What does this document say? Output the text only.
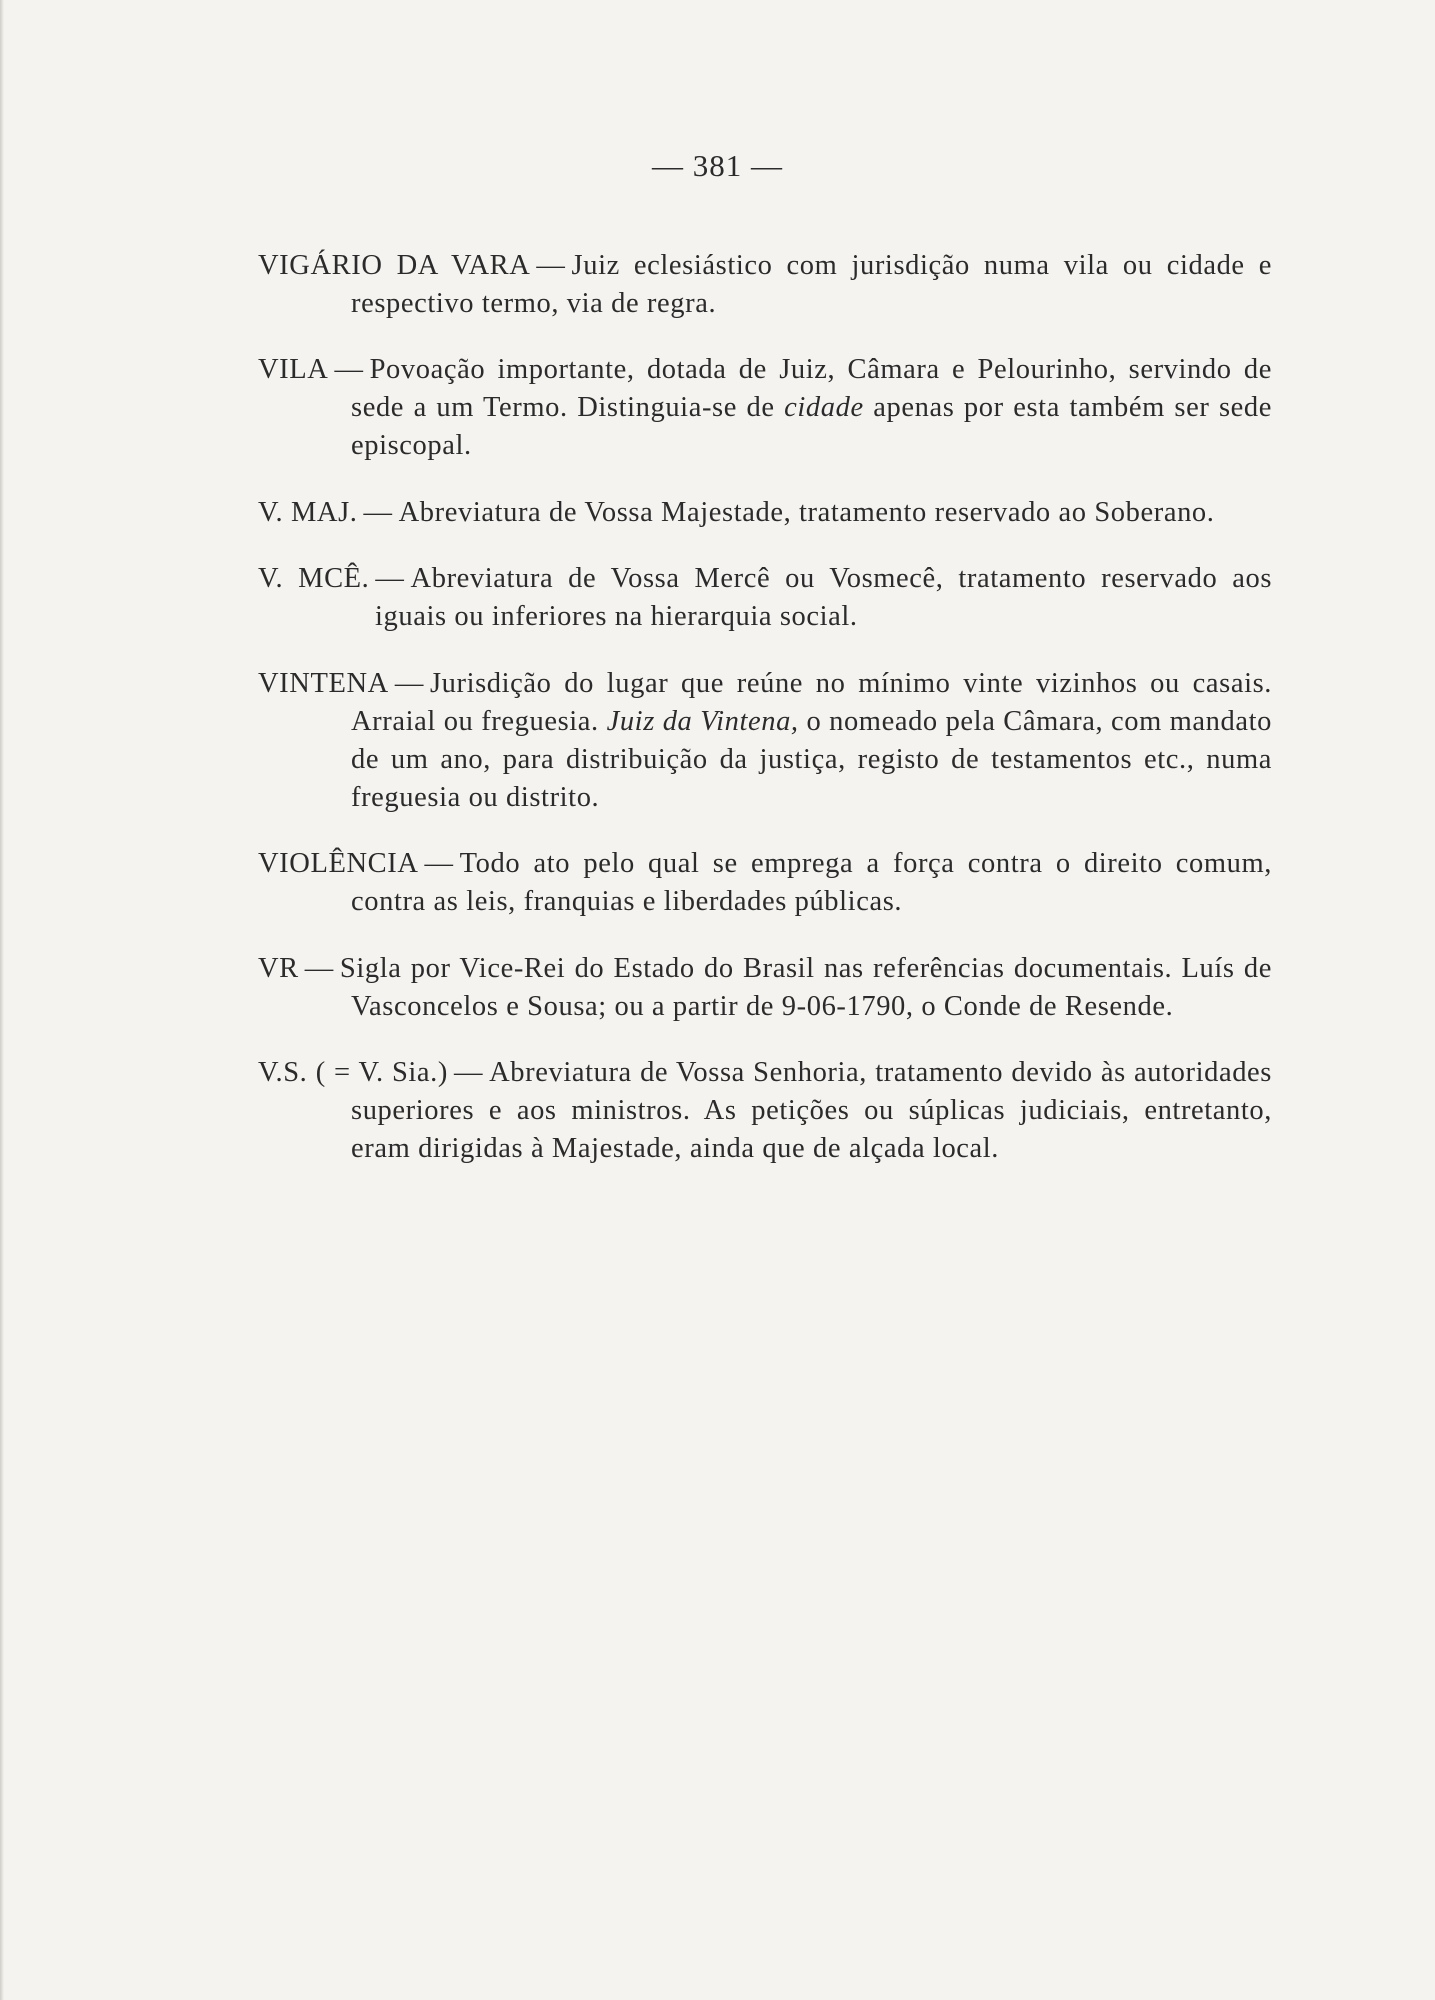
— 381 —

VIGÁRIO DA VARA — Juiz eclesiástico com jurisdição numa vila ou cidade e respectivo termo, via de regra.

VILA — Povoação importante, dotada de Juiz, Câmara e Pelourinho, servindo de sede a um Termo. Distinguia-se de cidade apenas por esta também ser sede episcopal.

V. MAJ. — Abreviatura de Vossa Majestade, tratamento reservado ao Soberano.

V. MCÊ. — Abreviatura de Vossa Mercê ou Vosmecê, tratamento reservado aos iguais ou inferiores na hierarquia social.

VINTENA — Jurisdição do lugar que reúne no mínimo vinte vizinhos ou casais. Arraial ou freguesia. Juiz da Vintena, o nomeado pela Câmara, com mandato de um ano, para distribuição da justiça, registo de testamentos etc., numa freguesia ou distrito.

VIOLÊNCIA — Todo ato pelo qual se emprega a força contra o direito comum, contra as leis, franquias e liberdades públicas.

VR — Sigla por Vice-Rei do Estado do Brasil nas referências documentais. Luís de Vasconcelos e Sousa; ou a partir de 9-06-1790, o Conde de Resende.

V.S. ( = V. Sia.) — Abreviatura de Vossa Senhoria, tratamento devido às autoridades superiores e aos ministros. As petições ou súplicas judiciais, entretanto, eram dirigidas à Majestade, ainda que de alçada local.
